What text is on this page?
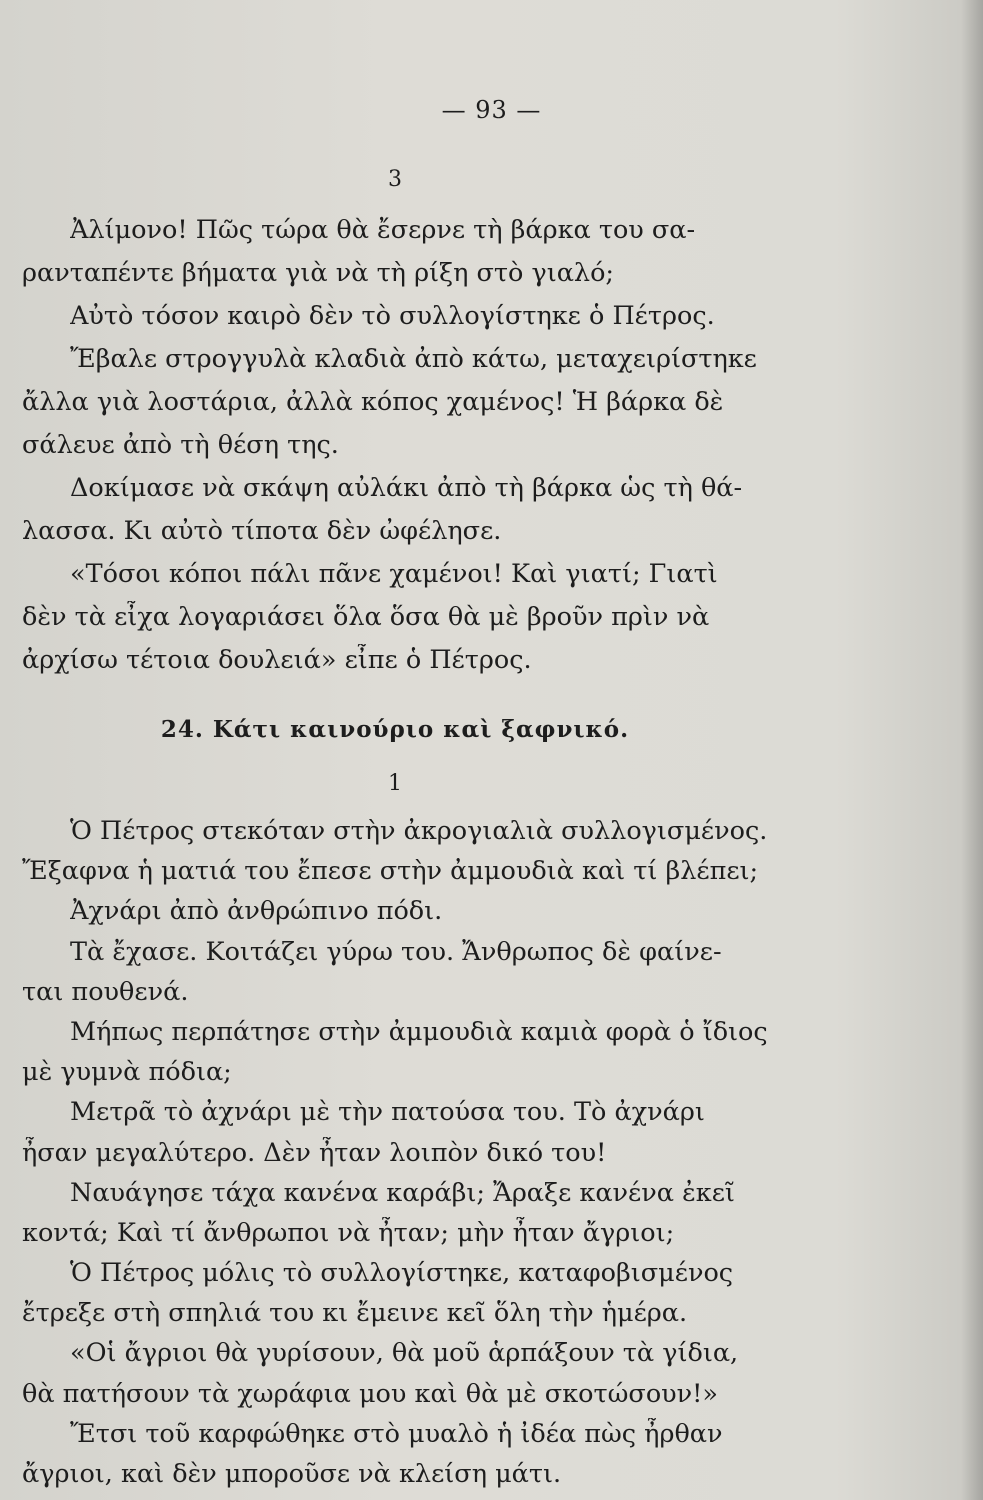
— 93 —
3
Ἀλίμονο! Πῶς τώρα θὰ ἔσερνε τὴ βάρκα του σα-
ρανταπέντε βήματα γιὰ νὰ τὴ ρίξη στὸ γιαλό;
Αὐτὸ τόσον καιρὸ δὲν τὸ συλλογίστηκε ὁ Πέτρος.
Ἔβαλε στρογγυλὰ κλαδιὰ ἀπὸ κάτω, μεταχειρίστηκε
ἄλλα γιὰ λοστάρια, ἀλλὰ κόπος χαμένος! Ἡ βάρκα δὲ
σάλευε ἀπὸ τὴ θέση της.
Δοκίμασε νὰ σκάψη αὐλάκι ἀπὸ τὴ βάρκα ὡς τὴ θά-
λασσα. Κι αὐτὸ τίποτα δὲν ὠφέλησε.
«Τόσοι κόποι πάλι πᾶνε χαμένοι! Καὶ γιατί; Γιατὶ
δὲν τὰ εἶχα λογαριάσει ὅλα ὅσα θὰ μὲ βροῦν πρὶν νὰ
ἀρχίσω τέτοια δουλειά» εἶπε ὁ Πέτρος.
24. Κάτι καινούριο καὶ ξαφνικό.
1
Ὁ Πέτρος στεκόταν στὴν ἀκρογιαλιὰ συλλογισμένος.
Ἔξαφνα ἡ ματιά του ἔπεσε στὴν ἀμμουδιὰ καὶ τί βλέπει;
Ἀχνάρι ἀπὸ ἀνθρώπινο πόδι.
Τὰ ἔχασε. Κοιτάζει γύρω του. Ἄνθρωπος δὲ φαίνε-
ται πουθενά.
Μήπως περπάτησε στὴν ἀμμουδιὰ καμιὰ φορὰ ὁ ἴδιος
μὲ γυμνὰ πόδια;
Μετρᾶ τὸ ἀχνάρι μὲ τὴν πατούσα του. Τὸ ἀχνάρι
ἦσαν μεγαλύτερο. Δὲν ἦταν λοιπὸν δικό του!
Ναυάγησε τάχα κανένα καράβι; Ἄραξε κανένα ἐκεῖ
κοντά; Καὶ τί ἄνθρωποι νὰ ἦταν; μὴν ἦταν ἄγριοι;
Ὁ Πέτρος μόλις τὸ συλλογίστηκε, καταφοβισμένος
ἔτρεξε στὴ σπηλιά του κι ἔμεινε κεῖ ὅλη τὴν ἡμέρα.
«Οἱ ἄγριοι θὰ γυρίσουν, θὰ μοῦ ἁρπάξουν τὰ γίδια,
θὰ πατήσουν τὰ χωράφια μου καὶ θὰ μὲ σκοτώσουν!»
Ἔτσι τοῦ καρφώθηκε στὸ μυαλὸ ἡ ἰδέα πὼς ἦρθαν
ἄγριοι, καὶ δὲν μποροῦσε νὰ κλείση μάτι.
